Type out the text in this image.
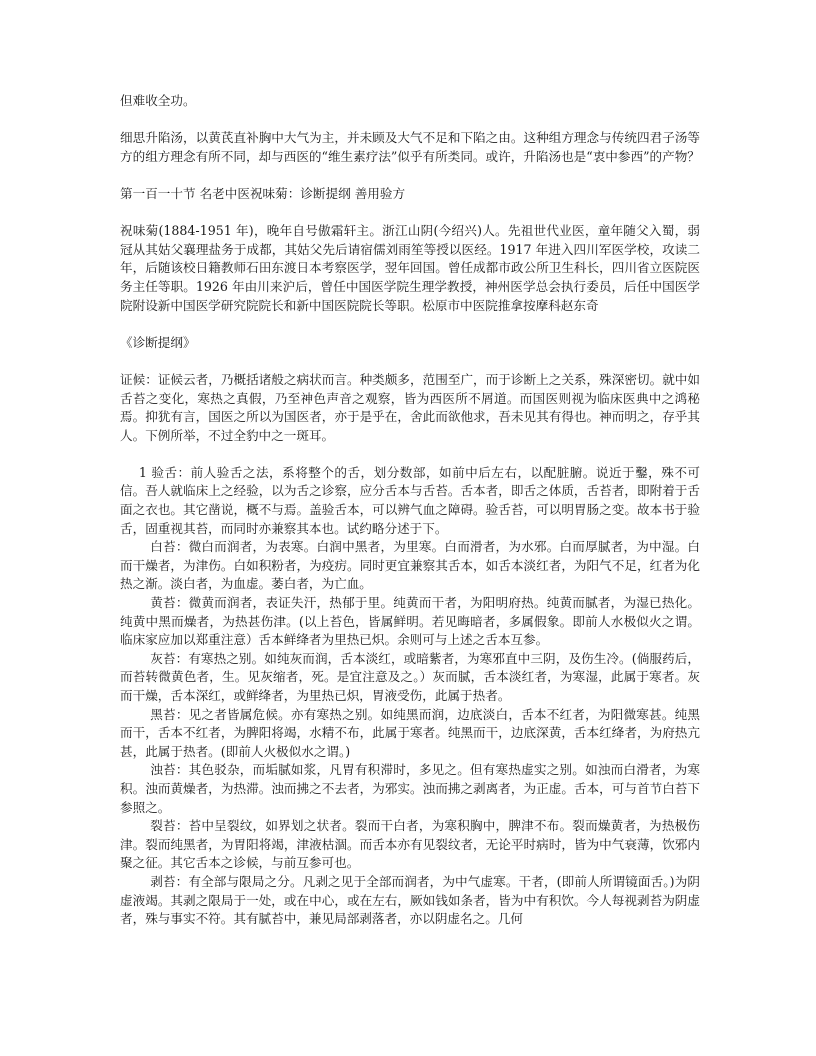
但难收全功。

细思升陷汤，以黄芪直补胸中大气为主，并未顾及大气不足和下陷之由。这种组方理念与传统四君子汤等方的组方理念有所不同，却与西医的“维生素疗法”似乎有所类同。或许，升陷汤也是“衷中参西”的产物？

第一百一十节 名老中医祝味菊：诊断提纲 善用验方

祝味菊(1884-1951 年)，晚年自号傲霜轩主。浙江山阴(今绍兴)人。先祖世代业医，童年随父入蜀，弱冠从其姑父襄理盐务于成都，其姑父先后请宿儒刘雨笙等授以医经。1917 年进入四川军医学校，攻读二年，后随该校日籍教师石田东渡日本考察医学，翌年回国。曾任成都市政公所卫生科长，四川省立医院医务主任等职。1926 年由川来沪后，曾任中国医学院生理学教授，神州医学总会执行委员，后任中国医学院附设新中国医学研究院院长和新中国医院院长等职。松原市中医院推拿按摩科赵东奇

《诊断提纲》

证候：证候云者，乃概括诸般之病状而言。种类颇多，范围至广，而于诊断上之关系，殊深密切。就中如舌苔之变化，寒热之真假，乃至神色声音之观察，皆为西医所不屑道。而国医则视为临床医典中之鸿秘焉。抑犹有言，国医之所以为国医者，亦于是乎在，舍此而欲他求，吾未见其有得也。神而明之，存乎其人。下例所举，不过全豹中之一斑耳。

1 验舌：前人验舌之法，系将整个的舌，划分数部，如前中后左右，以配脏腑。说近于鑿，殊不可信。吾人就临床上之经验，以为舌之诊察，应分舌本与舌苔。舌本者，即舌之体质，舌苔者，即附着于舌面之衣也。其它凿说，概不与焉。盖验舌本，可以辨气血之障碍。验舌苔，可以明胃肠之变。故本书于验舌，固重视其苔，而同时亦兼察其本也。试约略分述于下。

白苔：微白而润者，为表寒。白润中黑者，为里寒。白而滑者，为水邪。白而厚腻者，为中湿。白而干燥者，为津伤。白如积粉者，为疫疠。同时更宜兼察其舌本，如舌本淡红者，为阳气不足，红者为化热之渐。淡白者，为血虚。萎白者，为亡血。

黄苔：微黄而润者，表证失汗，热郁于里。纯黄而干者，为阳明府热。纯黄而腻者，为湿已热化。纯黄中黑而燥者，为热甚伤津。(以上苔色，皆属鲜明。若见晦暗者，多属假象。即前人水极似火之谓。临床家应加以郑重注意）舌本鲜绛者为里热已炽。余则可与上述之舌本互参。

灰苔：有寒热之别。如纯灰而润，舌本淡红，或暗紫者，为寒邪直中三阴，及伤生冷。(倘服药后，而苔转微黄色者，生。见灰缩者，死。是宜注意及之。）灰而腻，舌本淡红者，为寒湿，此属于寒者。灰而干燥，舌本深红，或鲜绛者，为里热已炽，胃液受伤，此属于热者。

黑苔：见之者皆属危候。亦有寒热之别。如纯黑而润，边底淡白，舌本不红者，为阳微寒甚。纯黑而干，舌本不红者，为脾阳将竭，水精不布，此属于寒者。纯黑而干，边底深黄，舌本红绛者，为府热亢甚，此属于热者。(即前人火极似水之谓。)

浊苔：其色驳杂，而垢腻如浆，凡胃有积滞时，多见之。但有寒热虚实之别。如浊而白滑者，为寒积。浊而黄燥者，为热滞。浊而拂之不去者，为邪实。浊而拂之剥离者，为正虚。舌本，可与首节白苔下参照之。

裂苔：苔中呈裂纹，如界划之状者。裂而干白者，为寒积胸中，脾津不布。裂而燥黄者，为热极伤津。裂而纯黑者，为胃阳将竭，津液枯涸。而舌本亦有见裂纹者，无论平时病时，皆为中气衰薄，饮邪内聚之征。其它舌本之诊候，与前互参可也。

剥苔：有全部与限局之分。凡剥之见于全部而润者，为中气虚寒。干者，(即前人所谓镜面舌。)为阴虚液竭。其剥之限局于一处，或在中心，或在左右，厥如钱如条者，皆为中有积饮。今人每视剥苔为阴虚者，殊与事实不符。其有腻苔中，兼见局部剥落者，亦以阴虚名之。几何
